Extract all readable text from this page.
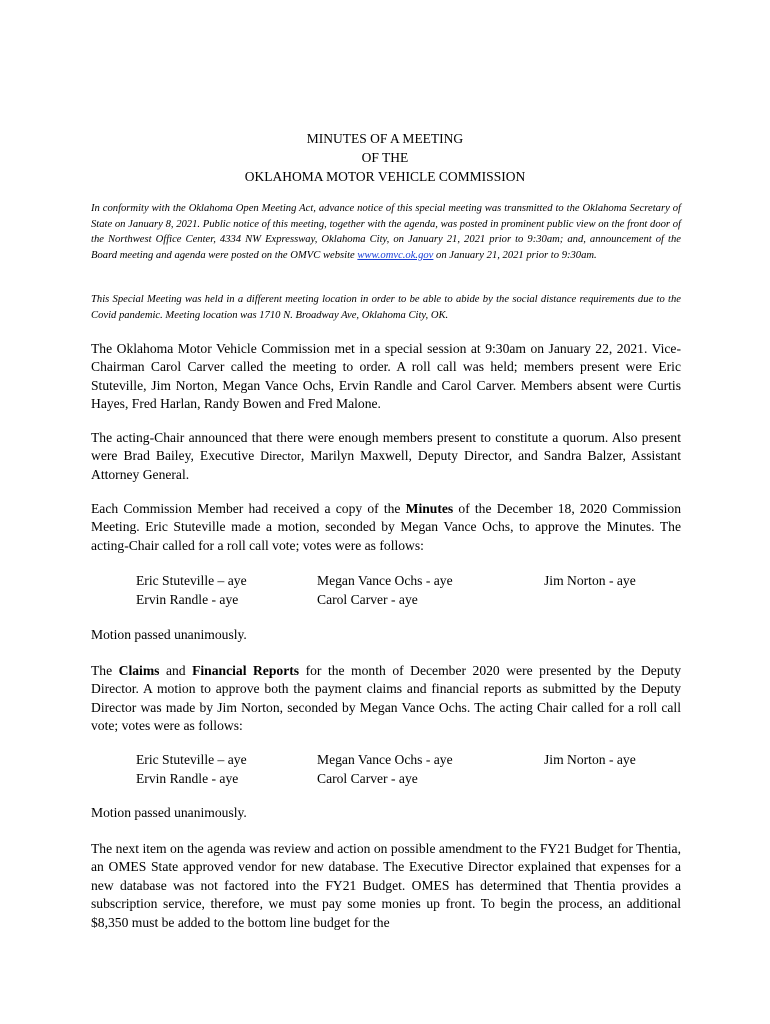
MINUTES OF A MEETING
OF THE
OKLAHOMA MOTOR VEHICLE COMMISSION
In conformity with the Oklahoma Open Meeting Act, advance notice of this special meeting was transmitted to the Oklahoma Secretary of State on January 8, 2021. Public notice of this meeting, together with the agenda, was posted in prominent public view on the front door of the Northwest Office Center, 4334 NW Expressway, Oklahoma City, on January 21, 2021 prior to 9:30am; and, announcement of the Board meeting and agenda were posted on the OMVC website www.omvc.ok.gov on January 21, 2021 prior to 9:30am.
This Special Meeting was held in a different meeting location in order to be able to abide by the social distance requirements due to the Covid pandemic. Meeting location was 1710 N. Broadway Ave, Oklahoma City, OK.
The Oklahoma Motor Vehicle Commission met in a special session at 9:30am on January 22, 2021. Vice-Chairman Carol Carver called the meeting to order. A roll call was held; members present were Eric Stuteville, Jim Norton, Megan Vance Ochs, Ervin Randle and Carol Carver. Members absent were Curtis Hayes, Fred Harlan, Randy Bowen and Fred Malone.
The acting-Chair announced that there were enough members present to constitute a quorum. Also present were Brad Bailey, Executive Director, Marilyn Maxwell, Deputy Director, and Sandra Balzer, Assistant Attorney General.
Each Commission Member had received a copy of the Minutes of the December 18, 2020 Commission Meeting. Eric Stuteville made a motion, seconded by Megan Vance Ochs, to approve the Minutes. The acting-Chair called for a roll call vote; votes were as follows:
Eric Stuteville – aye	Megan Vance Ochs - aye	Jim Norton - aye
Ervin Randle - aye	Carol Carver - aye
Motion passed unanimously.
The Claims and Financial Reports for the month of December 2020 were presented by the Deputy Director. A motion to approve both the payment claims and financial reports as submitted by the Deputy Director was made by Jim Norton, seconded by Megan Vance Ochs. The acting Chair called for a roll call vote; votes were as follows:
Eric Stuteville – aye	Megan Vance Ochs - aye	Jim Norton - aye
Ervin Randle - aye	Carol Carver - aye
Motion passed unanimously.
The next item on the agenda was review and action on possible amendment to the FY21 Budget for Thentia, an OMES State approved vendor for new database. The Executive Director explained that expenses for a new database was not factored into the FY21 Budget. OMES has determined that Thentia provides a subscription service, therefore, we must pay some monies up front. To begin the process, an additional $8,350 must be added to the bottom line budget for the
